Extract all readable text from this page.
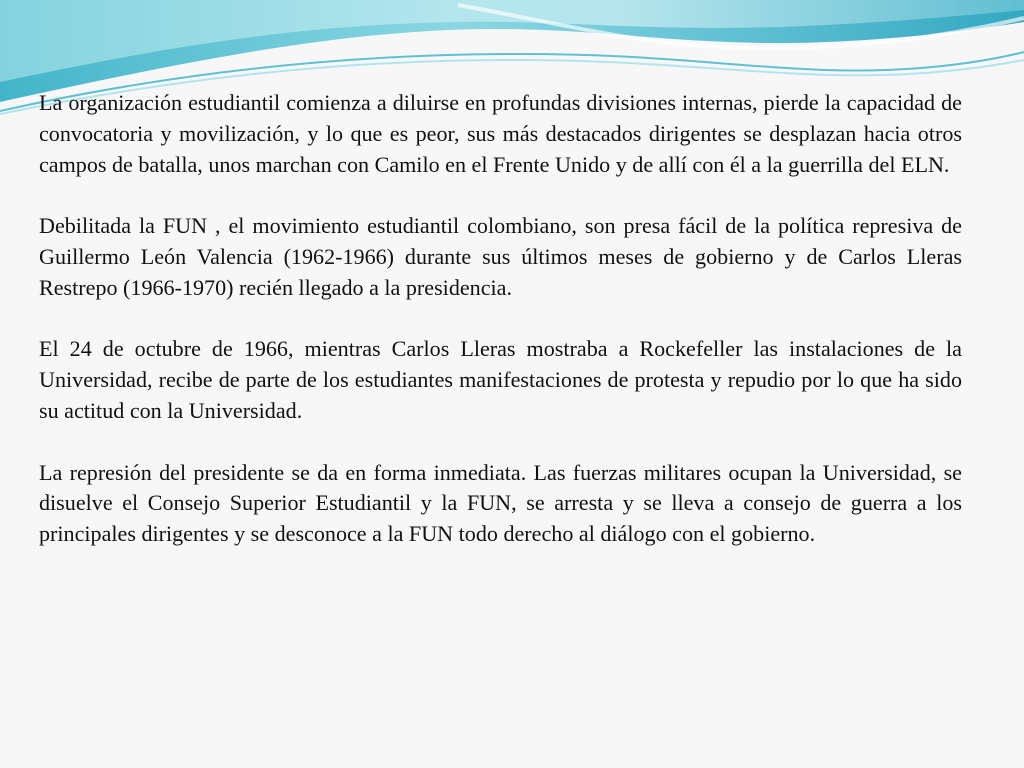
La organización estudiantil comienza a diluirse en profundas divisiones internas, pierde la capacidad de convocatoria y movilización, y lo que es peor, sus más destacados dirigentes se desplazan hacia otros campos de batalla, unos marchan con Camilo en el Frente Unido y de allí con él a la guerrilla del ELN.

Debilitada la FUN , el movimiento estudiantil colombiano, son presa fácil de la política represiva de Guillermo León Valencia (1962-1966) durante sus últimos meses de gobierno y de Carlos Lleras Restrepo (1966-1970) recién llegado a la presidencia.

El 24 de octubre de 1966, mientras Carlos Lleras mostraba a Rockefeller las instalaciones de la Universidad, recibe de parte de los estudiantes manifestaciones de protesta y repudio por lo que ha sido su actitud con la Universidad.

La represión del presidente se da en forma inmediata. Las fuerzas militares ocupan la Universidad, se disuelve el Consejo Superior Estudiantil y la FUN, se arresta y se lleva a consejo de guerra a los principales dirigentes y se desconoce a la FUN todo derecho al diálogo con el gobierno.
